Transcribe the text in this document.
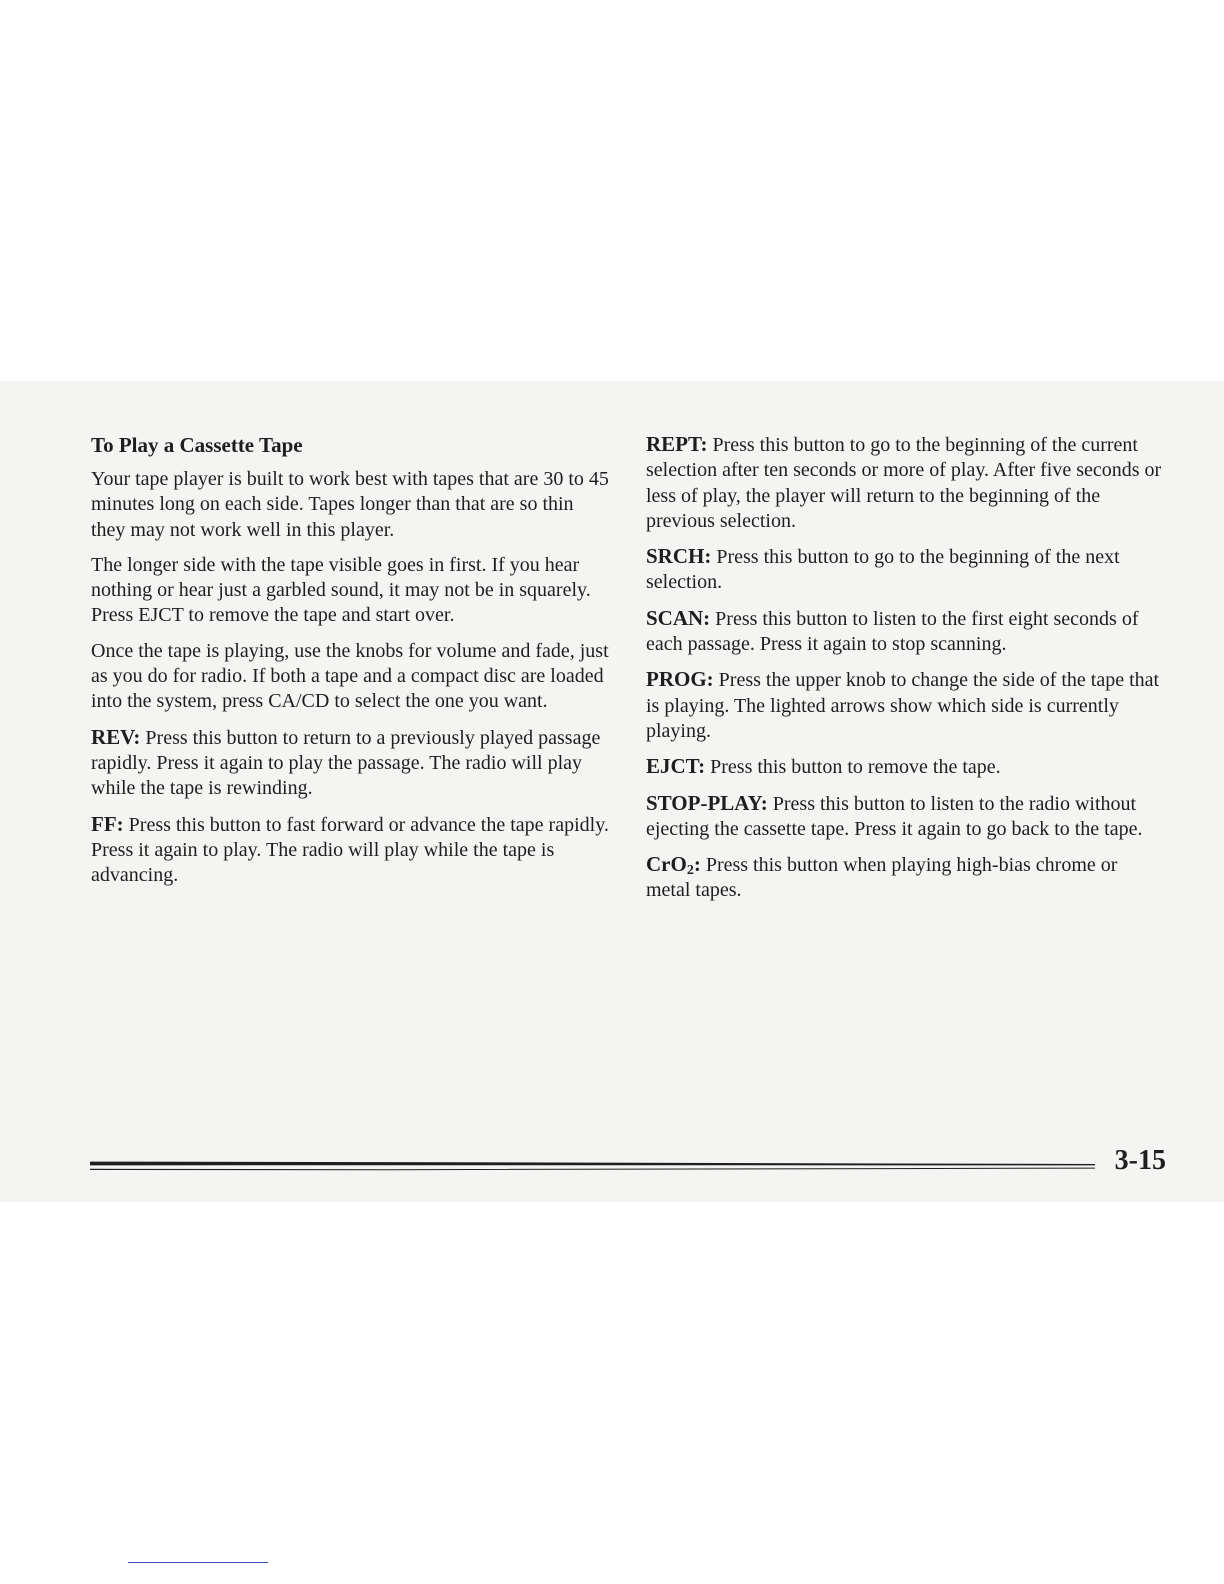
To Play a Cassette Tape

Your tape player is built to work best with tapes that are 30 to 45 minutes long on each side. Tapes longer than that are so thin they may not work well in this player.

The longer side with the tape visible goes in first. If you hear nothing or hear just a garbled sound, it may not be in squarely. Press EJCT to remove the tape and start over.

Once the tape is playing, use the knobs for volume and fade, just as you do for radio. If both a tape and a compact disc are loaded into the system, press CA/CD to select the one you want.

REV: Press this button to return to a previously played passage rapidly. Press it again to play the passage. The radio will play while the tape is rewinding.

FF: Press this button to fast forward or advance the tape rapidly. Press it again to play. The radio will play while the tape is advancing.

REPT: Press this button to go to the beginning of the current selection after ten seconds or more of play. After five seconds or less of play, the player will return to the beginning of the previous selection.

SRCH: Press this button to go to the beginning of the next selection.

SCAN: Press this button to listen to the first eight seconds of each passage. Press it again to stop scanning.

PROG: Press the upper knob to change the side of the tape that is playing. The lighted arrows show which side is currently playing.

EJCT: Press this button to remove the tape.

STOP-PLAY: Press this button to listen to the radio without ejecting the cassette tape. Press it again to go back to the tape.

CrO$_2$: Press this button when playing high-bias chrome or metal tapes.

3-15
